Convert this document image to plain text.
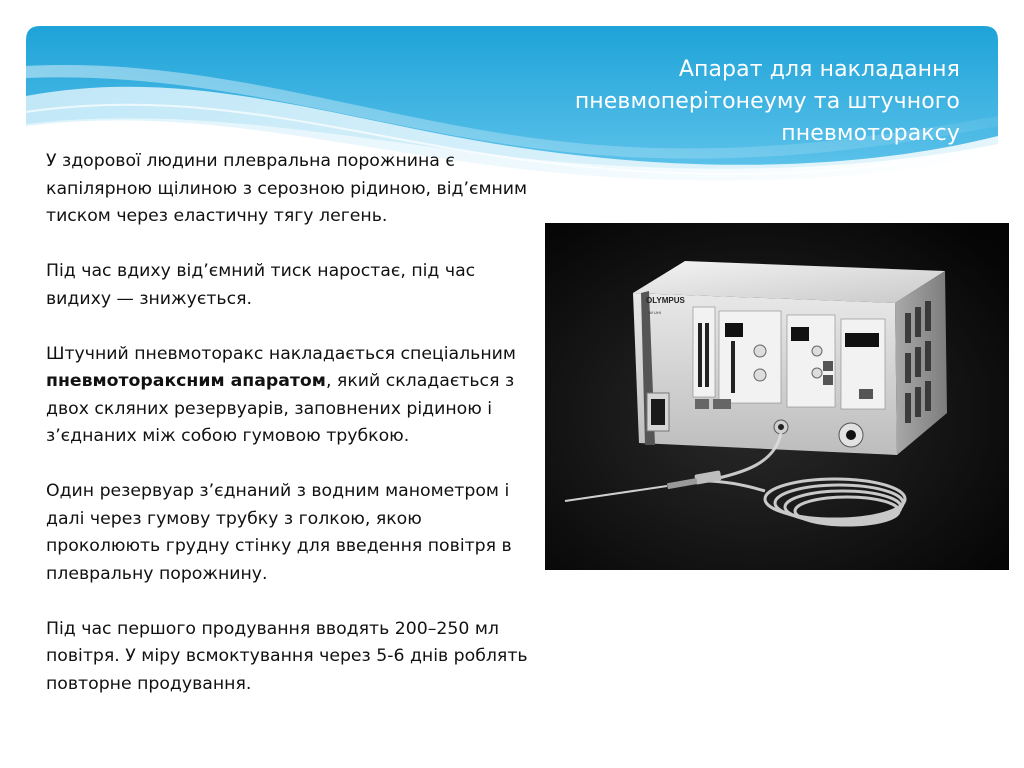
Апарат для накладання пневмоперітонеуму та штучного пневмотораксу

У здорової людини плевральна порожнина є капілярною щілиною з серозною рідиною, від’ємним тиском через еластичну тягу легень.

Під час вдиху від’ємний тиск наростає, під час видиху — знижується.

Штучний пневмоторакс накладається спеціальним пневмотораксним апаратом, який складається з двох скляних резервуарів, заповнених рідиною і з’єднаних між собою гумовою трубкою.

Один резервуар з’єднаний з водним манометром і далі через гумову трубку з голкою, якою проколюють грудну стінку для введення повітря в плевральну порожнину.

Під час першого продування вводять 200–250 мл повітря. У міру всмоктування через 5-6 днів роблять повторне продування.

OLYMPUS
IW UHI
